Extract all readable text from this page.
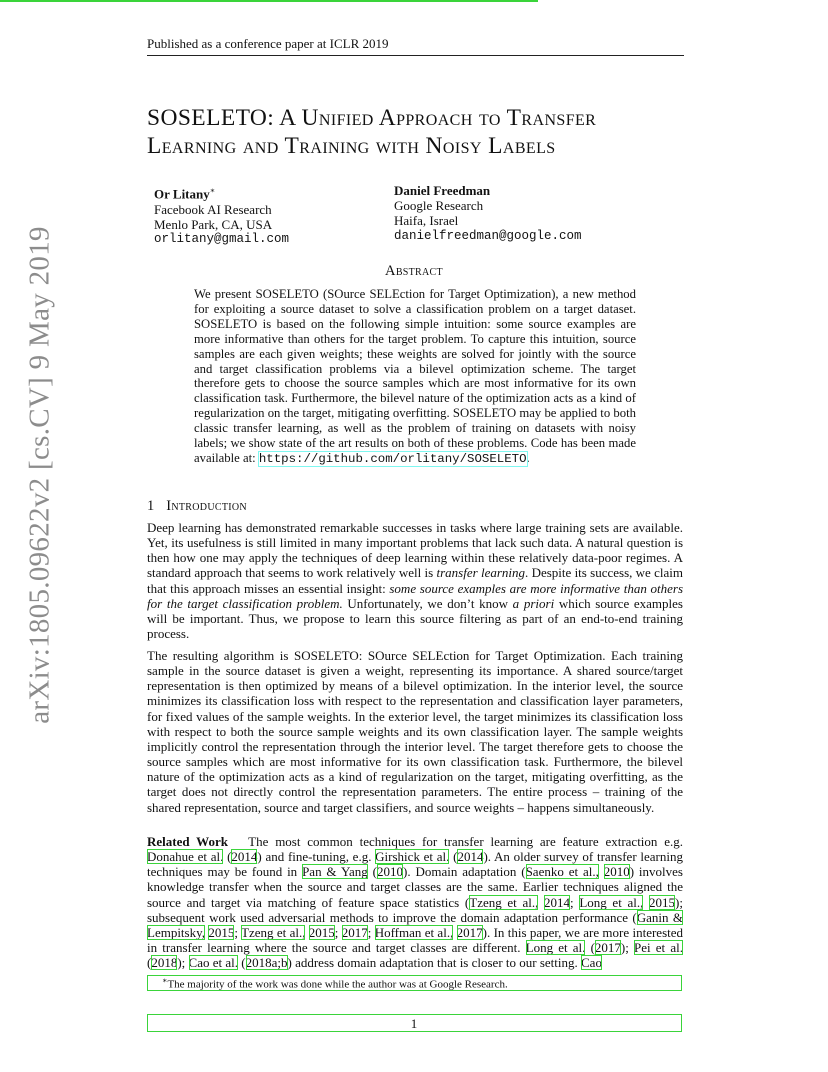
Published as a conference paper at ICLR 2019
arXiv:1805.09622v2 [cs.CV] 9 May 2019
SOSELETO: A Unified Approach to Transfer
Learning and Training with Noisy Labels
Or Litany∗
Facebook AI Research
Menlo Park, CA, USA
orlitany@gmail.com
Daniel Freedman
Google Research
Haifa, Israel
danielfreedman@google.com
Abstract
We present SOSELETO (SOurce SELEction for Target Optimization), a new method for exploiting a source dataset to solve a classification problem on a target dataset. SOSELETO is based on the following simple intuition: some source examples are more informative than others for the target problem. To capture this intuition, source samples are each given weights; these weights are solved for jointly with the source and target classification problems via a bilevel optimization scheme. The target therefore gets to choose the source samples which are most informative for its own classification task. Furthermore, the bilevel nature of the optimization acts as a kind of regularization on the target, mitigating overfitting. SOSELETO may be applied to both classic transfer learning, as well as the problem of training on datasets with noisy labels; we show state of the art results on both of these problems. Code has been made available at: https://github.com/orlitany/SOSELETO.
1 Introduction

Deep learning has demonstrated remarkable successes in tasks where large training sets are available. Yet, its usefulness is still limited in many important problems that lack such data. A natural question is then how one may apply the techniques of deep learning within these relatively data-poor regimes. A standard approach that seems to work relatively well is transfer learning. Despite its success, we claim that this approach misses an essential insight: some source examples are more informative than others for the target classification problem. Unfortunately, we don’t know a priori which source examples will be important. Thus, we propose to learn this source filtering as part of an end-to-end training process.

The resulting algorithm is SOSELETO: SOurce SELEction for Target Optimization. Each training sample in the source dataset is given a weight, representing its importance. A shared source/target representation is then optimized by means of a bilevel optimization. In the interior level, the source minimizes its classification loss with respect to the representation and classification layer parameters, for fixed values of the sample weights. In the exterior level, the target minimizes its classification loss with respect to both the source sample weights and its own classification layer. The sample weights implicitly control the representation through the interior level. The target therefore gets to choose the source samples which are most informative for its own classification task. Furthermore, the bilevel nature of the optimization acts as a kind of regularization on the target, mitigating overfitting, as the target does not directly control the representation parameters. The entire process – training of the shared representation, source and target classifiers, and source weights – happens simultaneously.

Related Work The most common techniques for transfer learning are feature extraction e.g. Donahue et al. (2014) and fine-tuning, e.g. Girshick et al. (2014). An older survey of transfer learning techniques may be found in Pan & Yang (2010). Domain adaptation (Saenko et al., 2010) involves knowledge transfer when the source and target classes are the same. Earlier techniques aligned the source and target via matching of feature space statistics (Tzeng et al., 2014; Long et al., 2015); subsequent work used adversarial methods to improve the domain adaptation performance (Ganin & Lempitsky, 2015; Tzeng et al., 2015; 2017; Hoffman et al., 2017). In this paper, we are more interested in transfer learning where the source and target classes are different. Long et al. (2017); Pei et al. (2018); Cao et al. (2018a;b) address domain adaptation that is closer to our setting. Cao

∗The majority of the work was done while the author was at Google Research.
1
